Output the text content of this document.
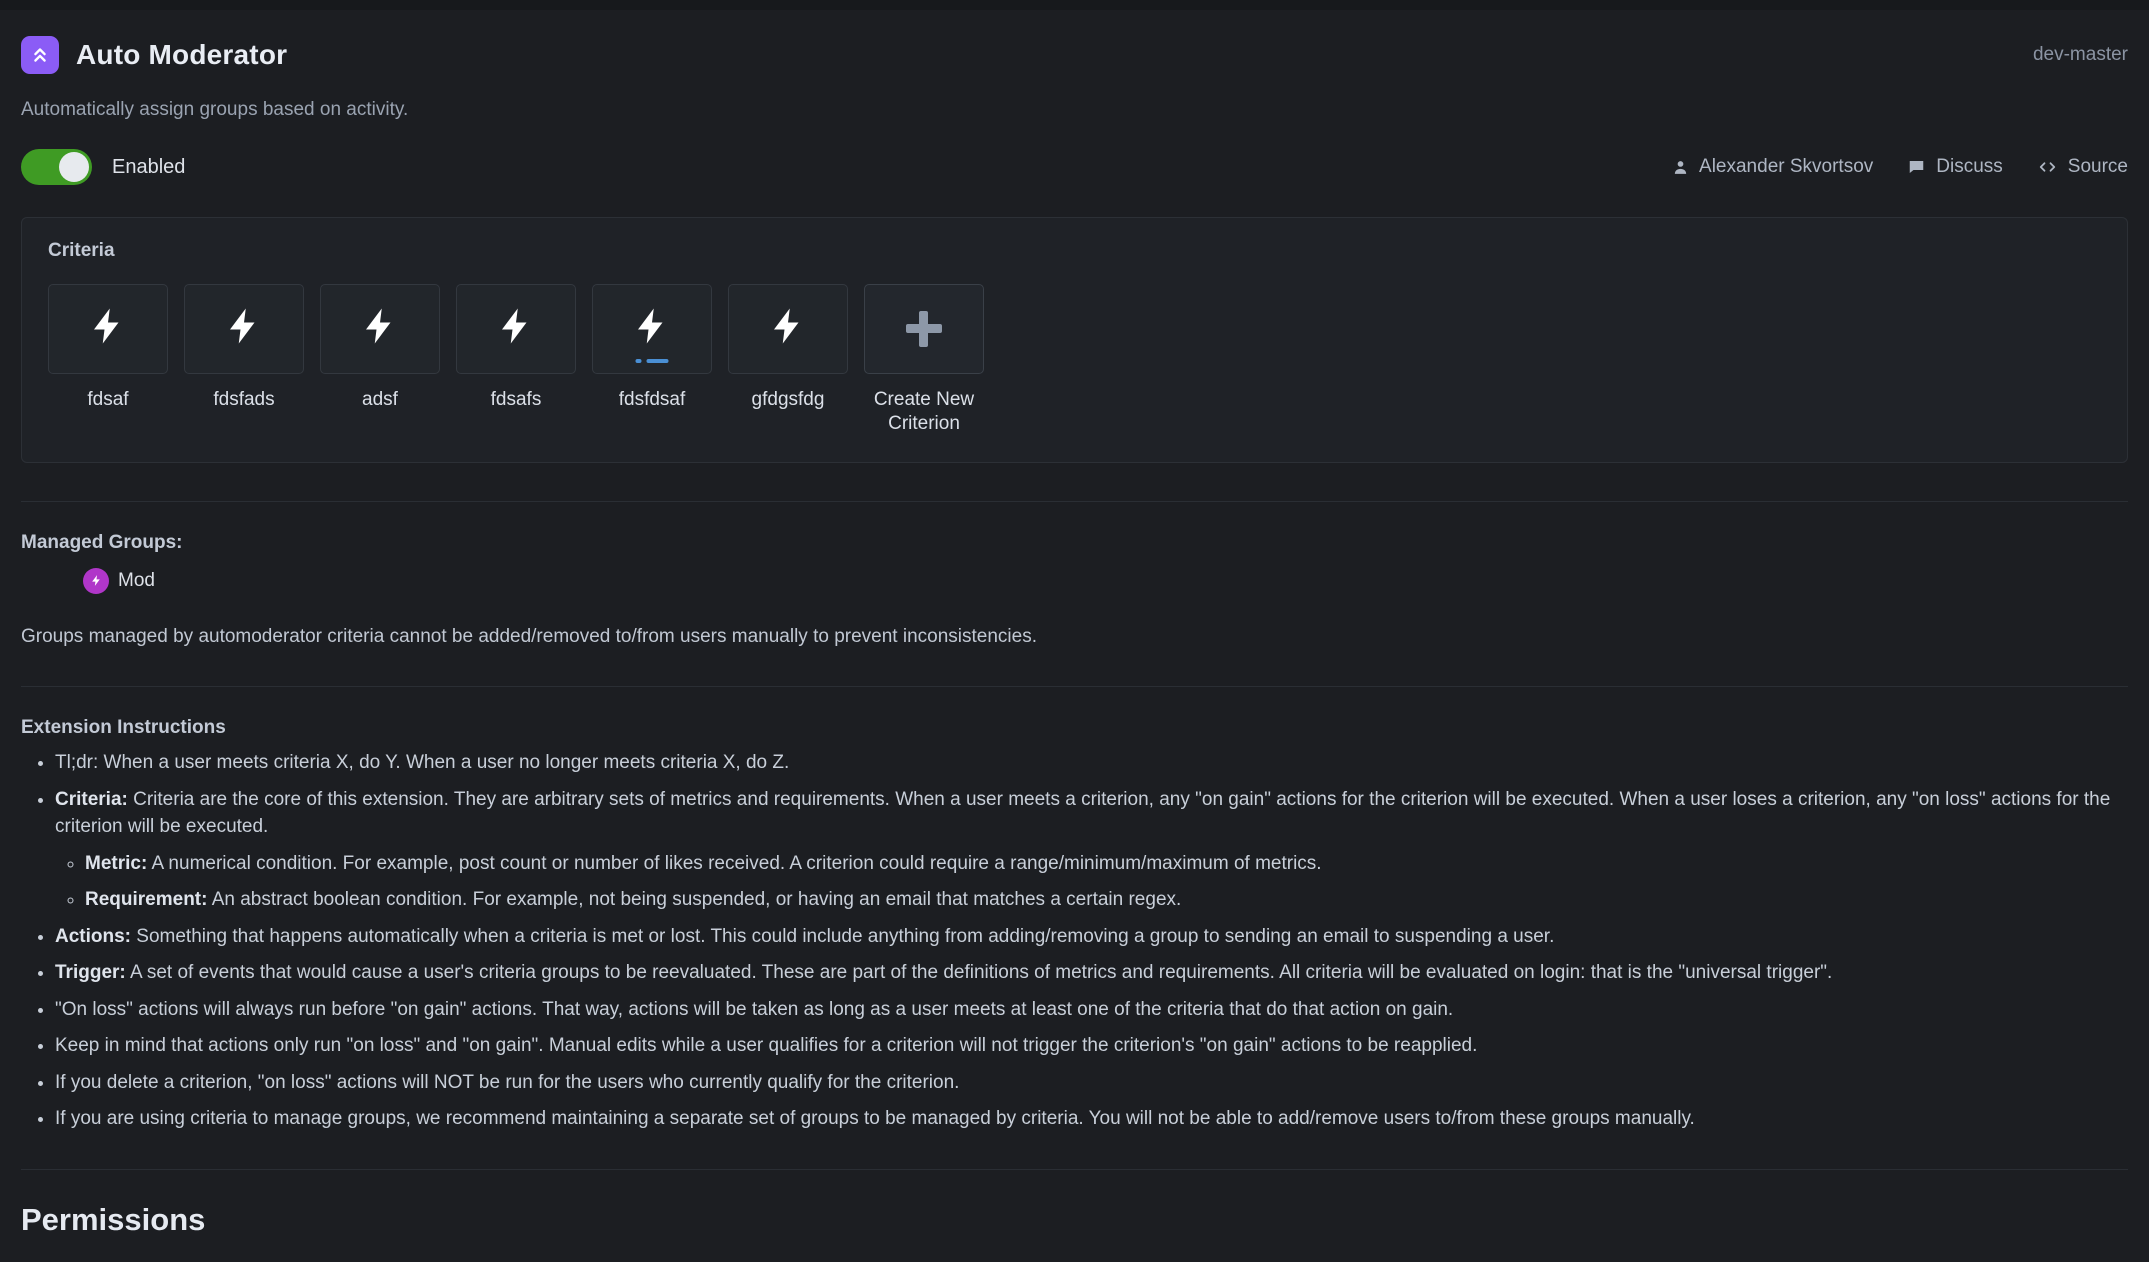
Auto Moderator	dev-master
Automatically assign groups based on activity.
Enabled	Alexander Skvortsov	Discuss	Source
Criteria
fdsaf	fdsfads	adsf	fdsafs	fdsfdsaf	gfdgsfdg	Create New Criterion
Managed Groups:
Mod
Groups managed by automoderator criteria cannot be added/removed to/from users manually to prevent inconsistencies.
Extension Instructions
• Tl;dr: When a user meets criteria X, do Y. When a user no longer meets criteria X, do Z.
• Criteria: Criteria are the core of this extension. They are arbitrary sets of metrics and requirements. When a user meets a criterion, any "on gain" actions for the criterion will be executed. When a user loses a criterion, any "on loss" actions for the criterion will be executed.
◦ Metric: A numerical condition. For example, post count or number of likes received. A criterion could require a range/minimum/maximum of metrics.
◦ Requirement: An abstract boolean condition. For example, not being suspended, or having an email that matches a certain regex.
• Actions: Something that happens automatically when a criteria is met or lost. This could include anything from adding/removing a group to sending an email to suspending a user.
• Trigger: A set of events that would cause a user's criteria groups to be reevaluated. These are part of the definitions of metrics and requirements. All criteria will be evaluated on login: that is the "universal trigger".
• "On loss" actions will always run before "on gain" actions. That way, actions will be taken as long as a user meets at least one of the criteria that do that action on gain.
• Keep in mind that actions only run "on loss" and "on gain". Manual edits while a user qualifies for a criterion will not trigger the criterion's "on gain" actions to be reapplied.
• If you delete a criterion, "on loss" actions will NOT be run for the users who currently qualify for the criterion.
• If you are using criteria to manage groups, we recommend maintaining a separate set of groups to be managed by criteria. You will not be able to add/remove users to/from these groups manually.
Permissions
